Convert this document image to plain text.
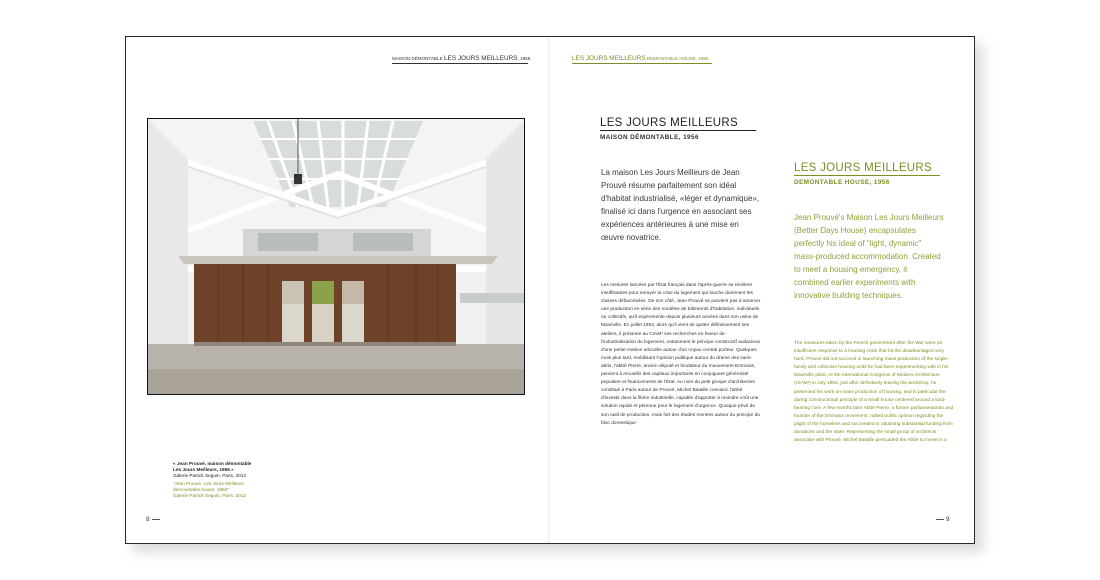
MAISON DÉMONTABLE LES JOURS MEILLEURS, 1956	LES JOURS MEILLEURS DEMONTABLE HOUSE, 1956
« Jean Prouvé, maison démontable
Les Jours Meilleurs, 1956 »
Galerie Patrick Seguin, Paris, 2012
“Jean Prouvé: Les Jours Meilleurs
demountable house, 1956”
Galerie Patrick Seguin, Paris, 2012
8	9
LES JOURS MEILLEURS
MAISON DÉMONTABLE, 1956
La maison Les Jours Meilleurs de Jean Prouvé résume parfaitement son idéal d'habitat industrialisé, «léger et dynamique», finalisé ici dans l'urgence en associant ses expériences antérieures à une mise en œuvre novatrice.
Les mesures lancées par l'État français dans l'après-guerre se révèlent insuffisantes pour enrayer la crise du logement qui touche durement les classes défavorisées. De son côté, Jean Prouvé ne parvient pas à amorcer une production en série des modèles de bâtiments d'habitation, individuels ou collectifs, qu'il expérimente depuis plusieurs années dans son usine de Maxéville. En juillet 1953, alors qu'il vient de quitter définitivement ses ateliers, il présente au CIAM¹ ses recherches en faveur de l'industrialisation du logement, notamment le principe constructif audacieux d'une petite maison articulée autour d'un noyau central porteur. Quelques mois plus tard, mobilisant l'opinion publique autour du drame des sans-abris, l'abbé Pierre, ancien député et fondateur du mouvement Emmaüs, parvient à recueillir des capitaux importants en conjuguant générosité populaire et financements de l'État. Au nom du petit groupe d'architectes constitué à Paris autour de Prouvé, Michel Bataille convainc l'abbé d'investir dans la filière industrielle, capable d'apporter à moindre coût une solution rapide et pérenne pour le logement d'urgence. Quoique privé de son outil de production, mais fort des études menées autour du principe du bloc domestique
LES JOURS MEILLEURS
DEMONTABLE HOUSE, 1956
Jean Prouvé's Maison Les Jours Meilleurs (Better Days House) encapsulates perfectly his ideal of “light, dynamic” mass-produced accommodation. Created to meet a housing emergency, it combined earlier experiments with innovative building techniques.
The measures taken by the French government after the War were an insufficient response to a housing crisis that hit the disadvantaged very hard. Prouvé did not succeed in launching mass production of the single-family and collective housing units he had been experimenting with in his Maxéville plant. At the International Congress of Modern Architecture (CIAM¹) in July 1953, just after definitively leaving his workshop, he presented his work on mass production of housing, and in particular the daring constructional principle of a small house centered around a load-bearing core. A few months later Abbé Pierre, a former parliamentarian and founder of the Emmaus movement, rallied public opinion regarding the plight of the homeless and succeeded in obtaining substantial funding from donations and the state. Representing the small group of architects associate with Prouvé, Michel Bataille persuaded the Abbé to invest in a
